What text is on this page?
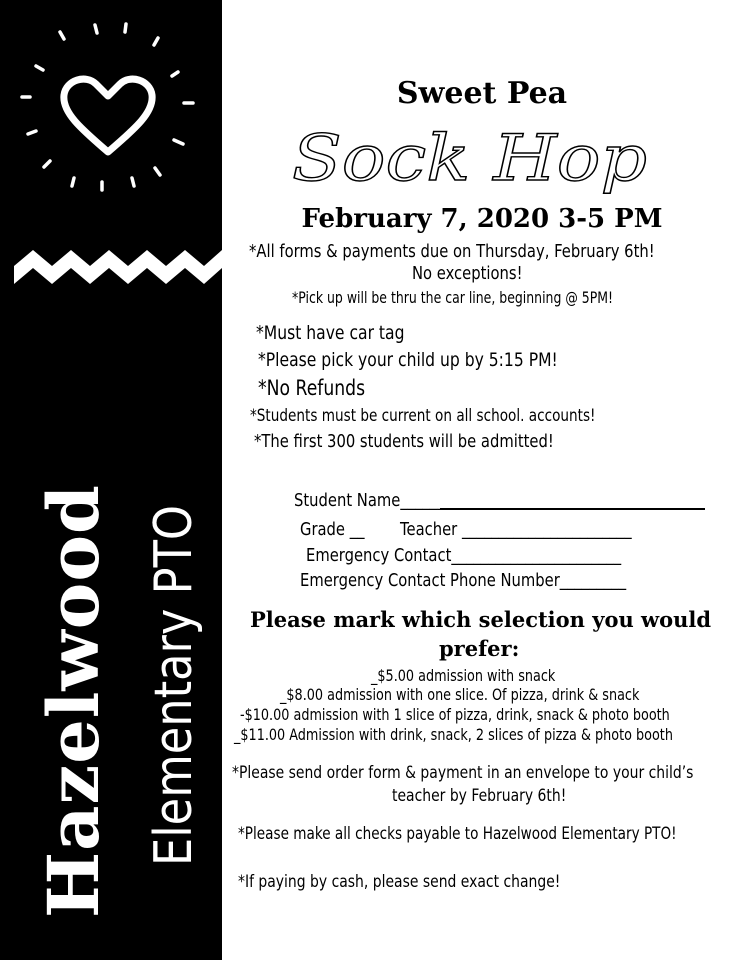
Hazelwood Elementary PTO
Sweet Pea
Sock Hop
February 7, 2020 3-5 PM
*All forms & payments due on Thursday, February 6th!
No exceptions!
*Pick up will be thru the car line, beginning @ 5PM!
*Must have car tag
*Please pick your child up by 5:15 PM!
*No Refunds
*Students must be current on all school. accounts!
*The first 300 students will be admitted!
Student Name______
Grade __ Teacher _______________________
Emergency Contact_______________________
Emergency Contact Phone Number_________
Please mark which selection you would
prefer:
_$5.00 admission with snack
_$8.00 admission with one slice. Of pizza, drink & snack
-$10.00 admission with 1 slice of pizza, drink, snack & photo booth
_$11.00 Admission with drink, snack, 2 slices of pizza & photo booth
*Please send order form & payment in an envelope to your child’s
teacher by February 6th!
*Please make all checks payable to Hazelwood Elementary PTO!
*If paying by cash, please send exact change!
